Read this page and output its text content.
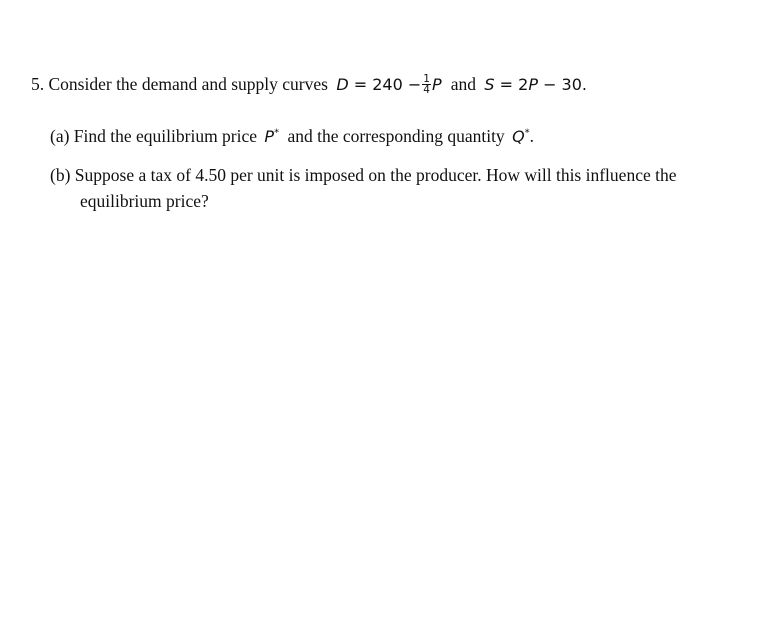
5. Consider the demand and supply curves $D = 240 - \frac{1}{4}$ P and S = 2P − 30.
(a) Find the equilibrium price P* and the corresponding quantity Q*.
(b) Suppose a tax of 4.50 per unit is imposed on the producer. How will this influence the
equilibrium price?
